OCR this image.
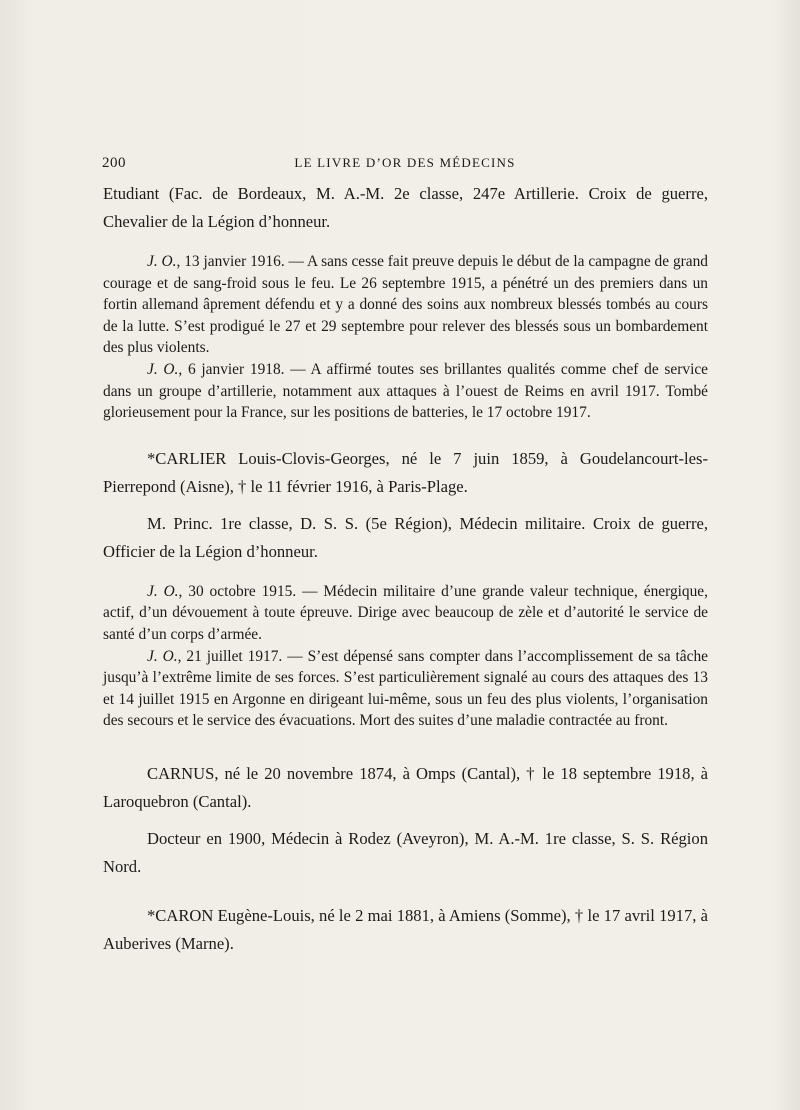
200	LE LIVRE D’OR DES MÉDECINS

Etudiant (Fac. de Bordeaux, M. A.-M. 2e classe, 247e Artillerie. Croix de guerre, Chevalier de la Légion d’honneur.

J. O., 13 janvier 1916. — A sans cesse fait preuve depuis le début de la campagne de grand courage et de sang-froid sous le feu. Le 26 septembre 1915, a pénétré un des premiers dans un fortin allemand âprement défendu et y a donné des soins aux nombreux blessés tombés au cours de la lutte. S’est prodigué le 27 et 29 septembre pour relever des blessés sous un bombardement des plus violents.

J. O., 6 janvier 1918. — A affirmé toutes ses brillantes qualités comme chef de service dans un groupe d’artillerie, notamment aux attaques à l’ouest de Reims en avril 1917. Tombé glorieusement pour la France, sur les positions de batteries, le 17 octobre 1917.

*CARLIER Louis-Clovis-Georges, né le 7 juin 1859, à Goudelancourt-les-Pierrepond (Aisne), † le 11 février 1916, à Paris-Plage.

M. Princ. 1re classe, D. S. S. (5e Région), Médecin militaire. Croix de guerre, Officier de la Légion d’honneur.

J. O., 30 octobre 1915. — Médecin militaire d’une grande valeur technique, énergique, actif, d’un dévouement à toute épreuve. Dirige avec beaucoup de zèle et d’autorité le service de santé d’un corps d’armée.

J. O., 21 juillet 1917. — S’est dépensé sans compter dans l’accomplissement de sa tâche jusqu’à l’extrême limite de ses forces. S’est particulièrement signalé au cours des attaques des 13 et 14 juillet 1915 en Argonne en dirigeant lui-même, sous un feu des plus violents, l’organisation des secours et le service des évacuations. Mort des suites d’une maladie contractée au front.

CARNUS, né le 20 novembre 1874, à Omps (Cantal), † le 18 septembre 1918, à Laroquebron (Cantal).

Docteur en 1900, Médecin à Rodez (Aveyron), M. A.-M. 1re classe, S. S. Région Nord.

*CARON Eugène-Louis, né le 2 mai 1881, à Amiens (Somme), † le 17 avril 1917, à Auberives (Marne).
